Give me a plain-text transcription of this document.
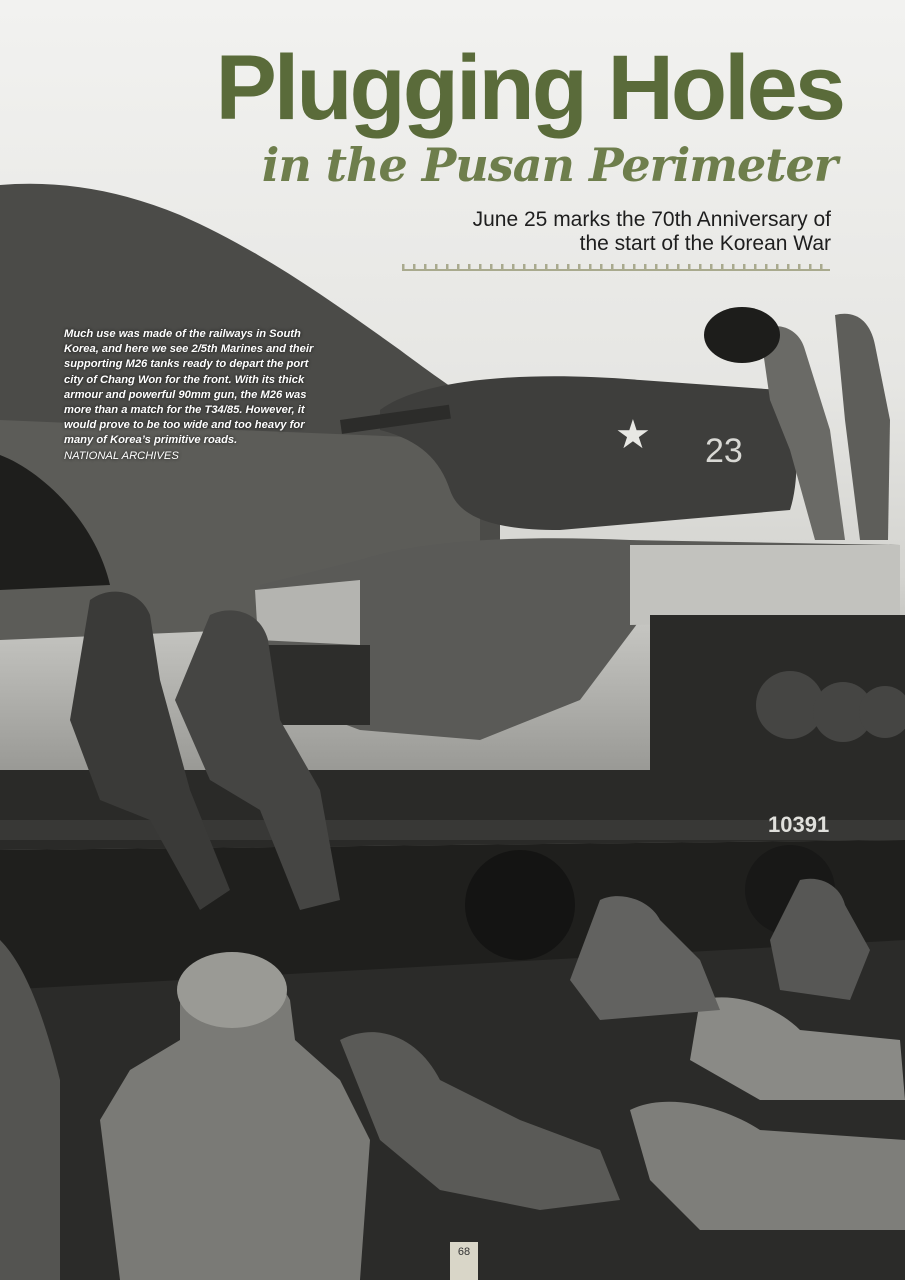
★ 23
10391
Plugging Holes
in the Pusan Perimeter
June 25 marks the 70th Anniversary of
the start of the Korean War
Much use was made of the railways in South Korea, and here we see 2/5th Marines and their supporting M26 tanks ready to depart the port city of Chang Won for the front. With its thick armour and powerful 90mm gun, the M26 was more than a match for the T34/85. However, it would prove to be too wide and too heavy for many of Korea’s primitive roads.
NATIONAL ARCHIVES
68
